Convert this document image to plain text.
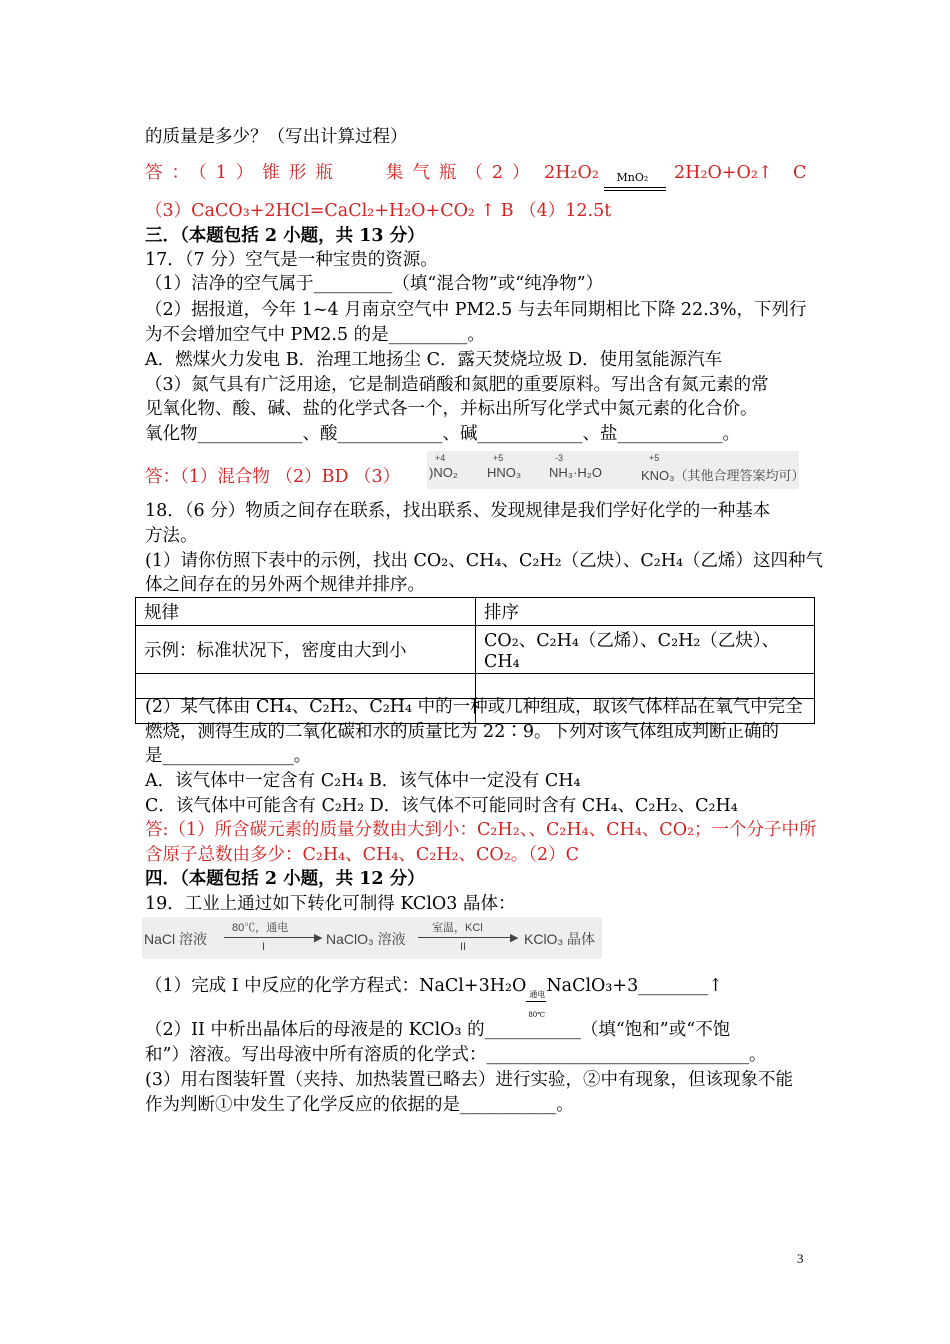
的质量是多少？（写出计算过程）
答：（1）锥形瓶	集气瓶（2） 2H₂O₂ MnO₂ 2H₂O+O₂↑ C
（3）CaCO₃+2HCl=CaCl₂+H₂O+CO₂ ↑ B （4）12.5t
三．（本题包括 2 小题，共 13 分）
17．（7 分）空气是一种宝贵的资源。
（1）洁净的空气属于_________（填“混合物”或“纯净物”）
（2）据报道，今年 1~4 月南京空气中 PM2.5 与去年同期相比下降 22.3%，下列行
为不会增加空气中 PM2.5 的是_________。
A．燃煤火力发电 B．治理工地扬尘 C．露天焚烧垃圾 D．使用氢能源汽车
（3）氮气具有广泛用途，它是制造硝酸和氮肥的重要原料。写出含有氮元素的常
见氧化物、酸、碱、盐的化学式各一个，并标出所写化学式中氮元素的化合价。
氧化物____________、酸____________、碱____________、盐____________。
答：（1）混合物 （2）BD （3）
+4
)NO₂
+5
HNO₃
-3
NH₃·H₂O
+5
KNO₃（其他合理答案均可）
18．（6 分）物质之间存在联系，找出联系、发现规律是我们学好化学的一种基本
方法。
(1）请你仿照下表中的示例，找出 CO₂、CH₄、C₂H₂（乙炔）、C₂H₄（乙烯）这四种气
体之间存在的另外两个规律并排序。
规律	排序
示例：标准状况下，密度由大到小	CO₂、C₂H₄（乙烯）、C₂H₂（乙炔）、CH₄

(2）某气体由 CH₄、C₂H₂、C₂H₄ 中的一种或几种组成，取该气体样品在氧气中完全
燃烧，测得生成的二氧化碳和水的质量比为 22∶9。下列对该气体组成判断正确的
是_______________。
A．该气体中一定含有 C₂H₄ B．该气体中一定没有 CH₄
C．该气体中可能含有 C₂H₂ D．该气体不可能同时含有 CH₄、C₂H₂、C₂H₄
答:（1）所含碳元素的质量分数由大到小：C₂H₂、、C₂H₄、CH₄、CO₂；一个分子中所
含原子总数由多少：C₂H₄、CH₄、C₂H₂、CO₂。（2）C
四．（本题包括 2 小题，共 12 分）
19．工业上通过如下转化可制得 KClO3 晶体：
NaCl 溶液
80℃，通电
▶
I	NaClO₃ 溶液
室温，KCl
▶
II	KClO₃ 晶体
（1）完成 I 中反应的化学方程式：NaCl+3H₂O 通电
80℃
NaClO₃+3________↑
（2）II 中析出晶体后的母液是的 KClO₃ 的___________（填“饱和”或“不饱
和”）溶液。写出母液中所有溶质的化学式：______________________________。
(3）用右图装轩置（夹持、加热装置已略去）进行实验，②中有现象，但该现象不能
作为判断①中发生了化学反应的依据的是___________。
3
